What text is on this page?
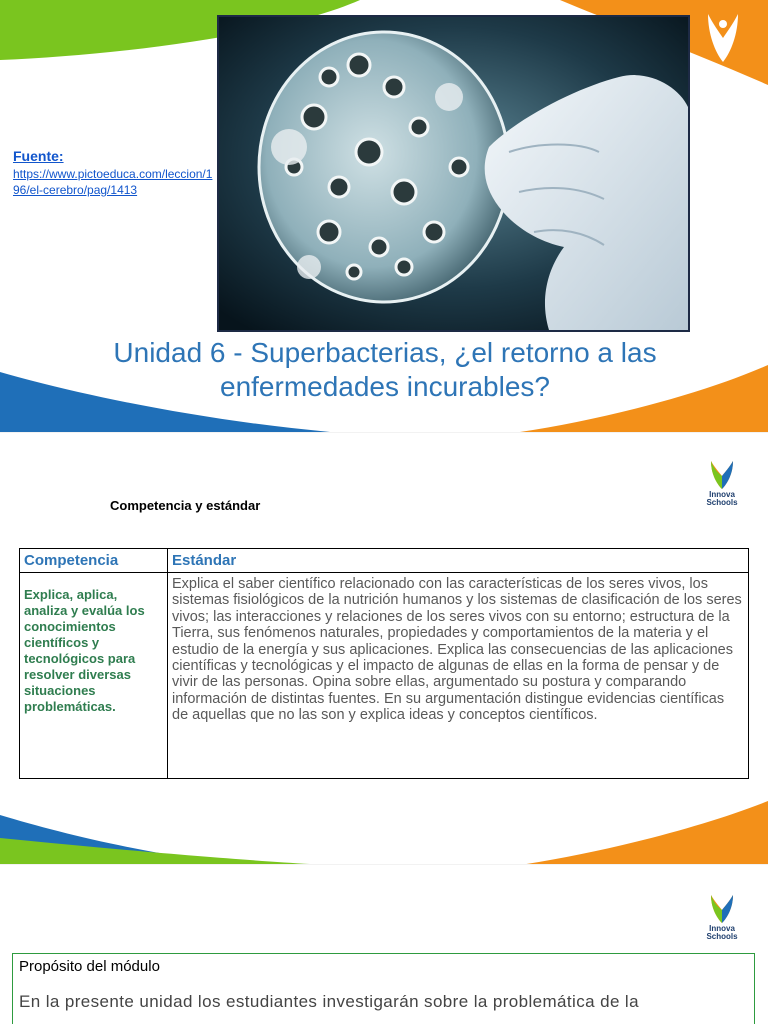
Fuente:
https://www.pictoeduca.com/leccion/196/el-cerebro/pag/1413
Unidad 6 - Superbacterias, ¿el retorno a las enfermedades incurables?
Innova
Schools
Competencia y estándar
Competencia	Estándar
Explica, aplica, analiza y evalúa los conocimientos científicos y tecnológicos para resolver diversas situaciones problemáticas.	Explica el saber científico relacionado con las características de los seres vivos, los sistemas fisiológicos de la nutrición humanos y los sistemas de clasificación de los seres vivos; las interacciones y relaciones de los seres vivos con su entorno; estructura de la Tierra, sus fenómenos naturales, propiedades y comportamientos de la materia y el estudio de la energía y sus aplicaciones. Explica las consecuencias de las aplicaciones científicas y tecnológicas y el impacto de algunas de ellas en la forma de pensar y de vivir de las personas. Opina sobre ellas, argumentado su postura y comparando información de distintas fuentes. En su argumentación distingue evidencias científicas de aquellas que no las son y explica ideas y conceptos científicos.
Innova
Schools
Propósito del módulo
En la presente unidad los estudiantes investigarán sobre la problemática de la
